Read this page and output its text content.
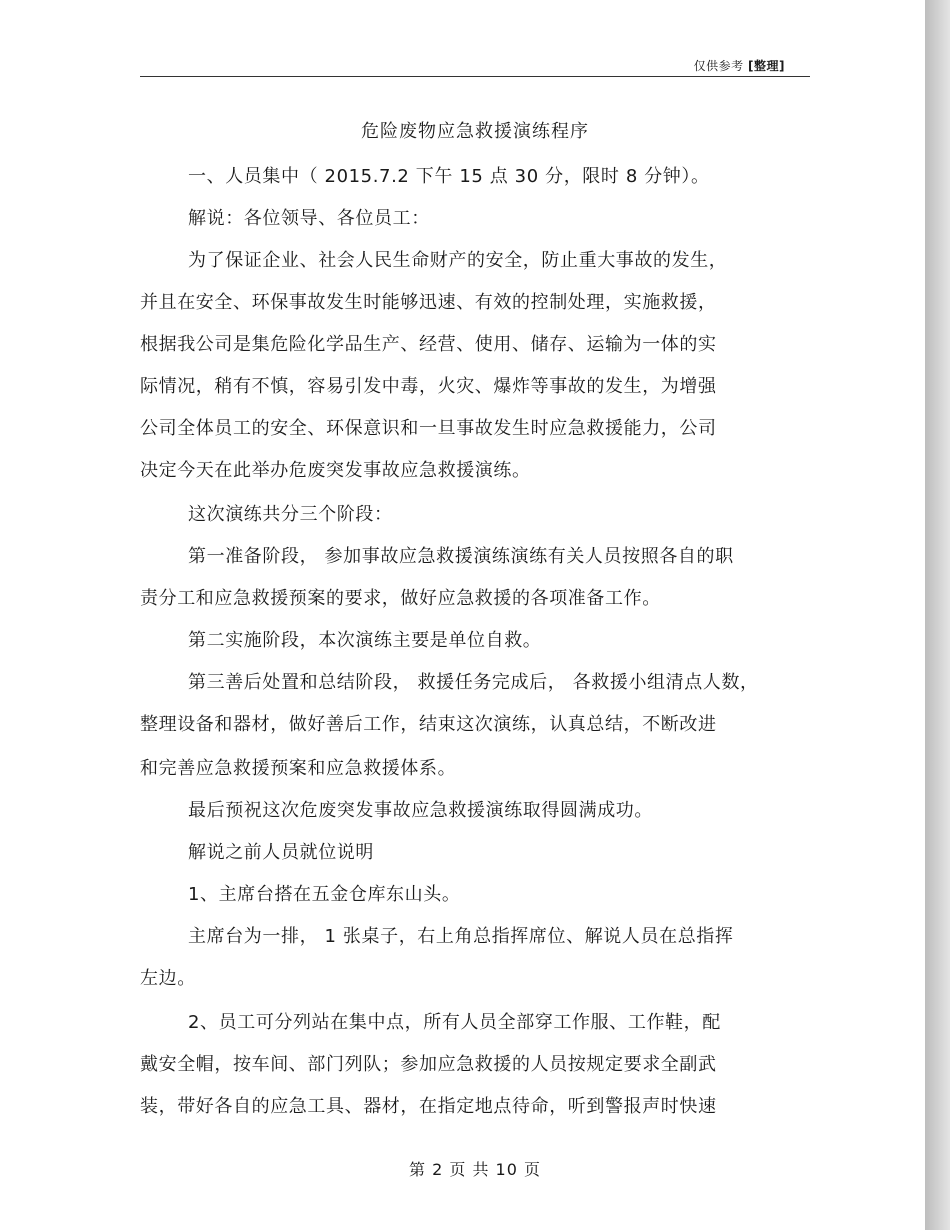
仅供参考 [整理]
危险废物应急救援演练程序
一、人员集中（ 2015.7.2 下午 15 点 30 分，限时 8 分钟）。
解说：各位领导、各位员工：
为了保证企业、社会人民生命财产的安全，防止重大事故的发生，
并且在安全、环保事故发生时能够迅速、有效的控制处理，实施救援，
根据我公司是集危险化学品生产、经营、使用、储存、运输为一体的实
际情况，稍有不慎，容易引发中毒，火灾、爆炸等事故的发生，为增强
公司全体员工的安全、环保意识和一旦事故发生时应急救援能力，公司
决定今天在此举办危废突发事故应急救援演练。
这次演练共分三个阶段：
第一准备阶段， 参加事故应急救援演练演练有关人员按照各自的职
责分工和应急救援预案的要求，做好应急救援的各项准备工作。
第二实施阶段，本次演练主要是单位自救。
第三善后处置和总结阶段， 救援任务完成后， 各救援小组清点人数，
整理设备和器材，做好善后工作，结束这次演练，认真总结，不断改进
和完善应急救援预案和应急救援体系。
最后预祝这次危废突发事故应急救援演练取得圆满成功。
解说之前人员就位说明
1、主席台搭在五金仓库东山头。
主席台为一排， 1 张桌子，右上角总指挥席位、解说人员在总指挥
左边。
2、员工可分列站在集中点，所有人员全部穿工作服、工作鞋，配
戴安全帽，按车间、部门列队；参加应急救援的人员按规定要求全副武
装，带好各自的应急工具、器材，在指定地点待命，听到警报声时快速
第 2 页 共 10 页
